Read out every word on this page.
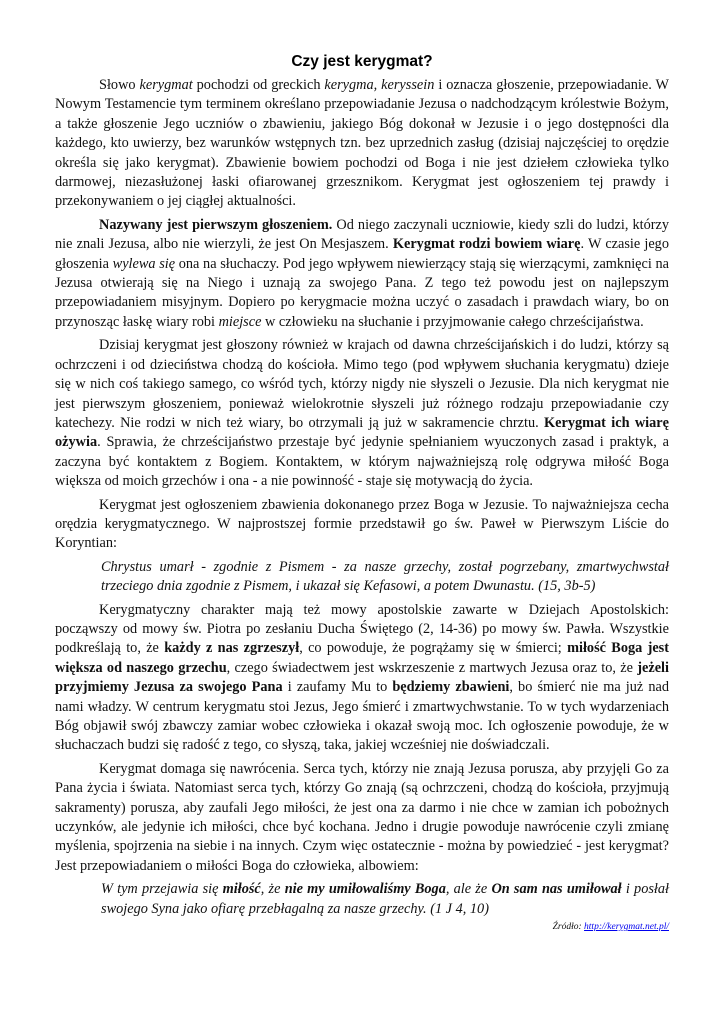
Czy jest kerygmat?

Słowo kerygmat pochodzi od greckich kerygma, keryssein i oznacza głoszenie, przepowiadanie. W Nowym Testamencie tym terminem określano przepowiadanie Jezusa o nadchodzącym królestwie Bożym, a także głoszenie Jego uczniów o zbawieniu, jakiego Bóg dokonał w Jezusie i o jego dostępności dla każdego, kto uwierzy, bez warunków wstępnych tzn. bez uprzednich zasług (dzisiaj najczęściej to orędzie określa się jako kerygmat). Zbawienie bowiem pochodzi od Boga i nie jest dziełem człowieka tylko darmowej, niezasłużonej łaski ofiarowanej grzesznikom. Kerygmat jest ogłoszeniem tej prawdy i przekonywaniem o jej ciągłej aktualności.

Nazywany jest pierwszym głoszeniem. Od niego zaczynali uczniowie, kiedy szli do ludzi, którzy nie znali Jezusa, albo nie wierzyli, że jest On Mesjaszem. Kerygmat rodzi bowiem wiarę. W czasie jego głoszenia wylewa się ona na słuchaczy. Pod jego wpływem niewierzący stają się wierzącymi, zamknięci na Jezusa otwierają się na Niego i uznają za swojego Pana. Z tego też powodu jest on najlepszym przepowiadaniem misyjnym. Dopiero po kerygmacie można uczyć o zasadach i prawdach wiary, bo on przynosząc łaskę wiary robi miejsce w człowieku na słuchanie i przyjmowanie całego chrześcijaństwa.

Dzisiaj kerygmat jest głoszony również w krajach od dawna chrześcijańskich i do ludzi, którzy są ochrzczeni i od dzieciństwa chodzą do kościoła. Mimo tego (pod wpływem słuchania kerygmatu) dzieje się w nich coś takiego samego, co wśród tych, którzy nigdy nie słyszeli o Jezusie. Dla nich kerygmat nie jest pierwszym głoszeniem, ponieważ wielokrotnie słyszeli już różnego rodzaju przepowiadanie czy katechezy. Nie rodzi w nich też wiary, bo otrzymali ją już w sakramencie chrztu. Kerygmat ich wiarę ożywia. Sprawia, że chrześcijaństwo przestaje być jedynie spełnianiem wyuczonych zasad i praktyk, a zaczyna być kontaktem z Bogiem. Kontaktem, w którym najważniejszą rolę odgrywa miłość Boga większa od moich grzechów i ona - a nie powinność - staje się motywacją do życia.

Kerygmat jest ogłoszeniem zbawienia dokonanego przez Boga w Jezusie. To najważniejsza cecha orędzia kerygmatycznego. W najprostszej formie przedstawił go św. Paweł w Pierwszym Liście do Koryntian:

Chrystus umarł - zgodnie z Pismem - za nasze grzechy, został pogrzebany, zmartwychwstał trzeciego dnia zgodnie z Pismem, i ukazał się Kefasowi, a potem Dwunastu. (15, 3b-5)

Kerygmatyczny charakter mają też mowy apostolskie zawarte w Dziejach Apostolskich: począwszy od mowy św. Piotra po zesłaniu Ducha Świętego (2, 14-36) po mowy św. Pawła. Wszystkie podkreślają to, że każdy z nas zgrzeszył, co powoduje, że pogrążamy się w śmierci; miłość Boga jest większa od naszego grzechu, czego świadectwem jest wskrzeszenie z martwych Jezusa oraz to, że jeżeli przyjmiemy Jezusa za swojego Pana i zaufamy Mu to będziemy zbawieni, bo śmierć nie ma już nad nami władzy. W centrum kerygmatu stoi Jezus, Jego śmierć i zmartwychwstanie. To w tych wydarzeniach Bóg objawił swój zbawczy zamiar wobec człowieka i okazał swoją moc. Ich ogłoszenie powoduje, że w słuchaczach budzi się radość z tego, co słyszą, taka, jakiej wcześniej nie doświadczali.

Kerygmat domaga się nawrócenia. Serca tych, którzy nie znają Jezusa porusza, aby przyjęli Go za Pana życia i świata. Natomiast serca tych, którzy Go znają (są ochrzczeni, chodzą do kościoła, przyjmują sakramenty) porusza, aby zaufali Jego miłości, że jest ona za darmo i nie chce w zamian ich pobożnych uczynków, ale jedynie ich miłości, chce być kochana. Jedno i drugie powoduje nawrócenie czyli zmianę myślenia, spojrzenia na siebie i na innych. Czym więc ostatecznie - można by powiedzieć - jest kerygmat? Jest przepowiadaniem o miłości Boga do człowieka, albowiem:

W tym przejawia się miłość, że nie my umiłowaliśmy Boga, ale że On sam nas umiłował i posłał swojego Syna jako ofiarę przebłagalną za nasze grzechy. (1 J 4, 10)

Źródło: http://kerygmat.net.pl/
